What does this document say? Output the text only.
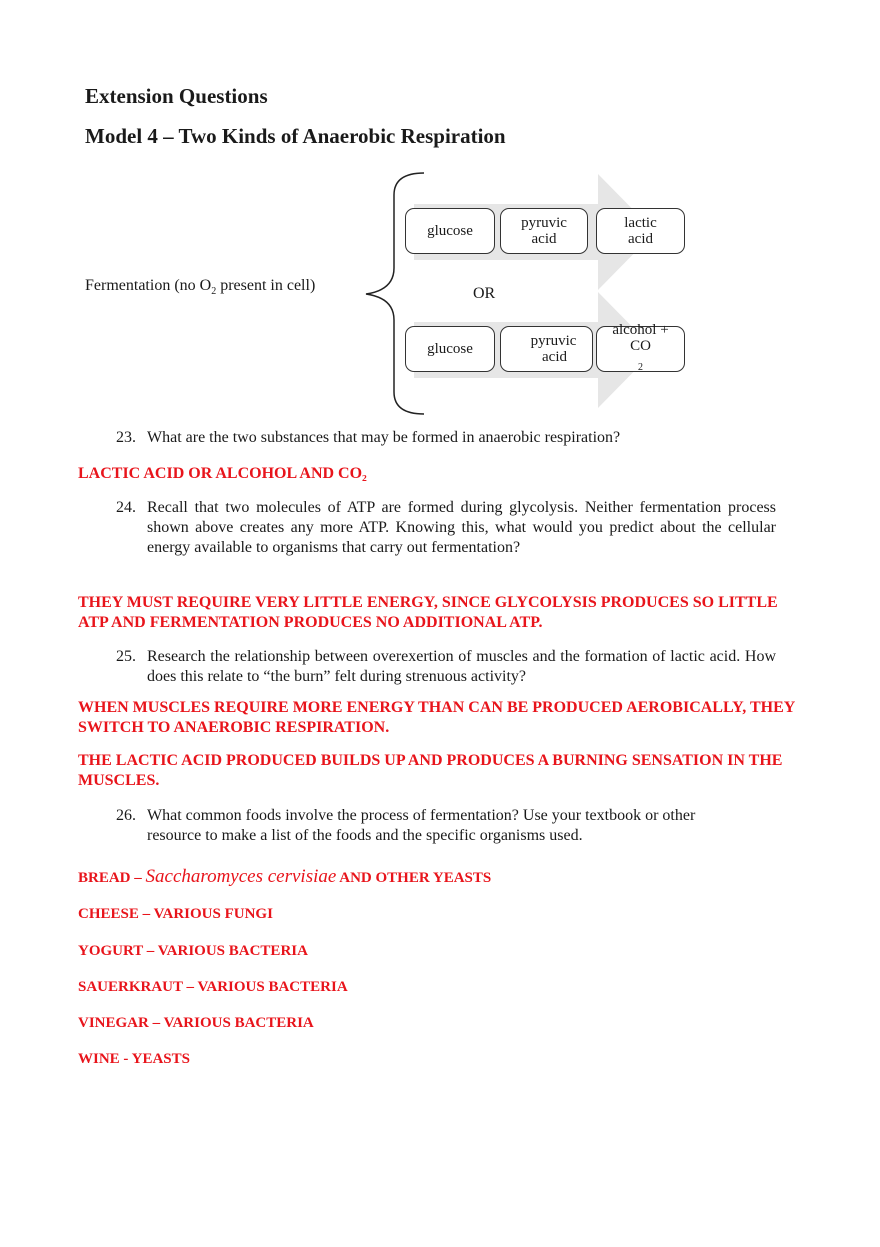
Extension Questions
Model 4 – Two Kinds of Anaerobic Respiration
Fermentation (no $O_2$ present in cell)	OR
glucose	pyruvic
acid
lactic
acid
glucose	pyruvic
acid
alcohol +
CO
$_2$
23. What are the two substances that may be formed in anaerobic respiration?
LACTIC ACID OR ALCOHOL AND CO₂
24. Recall that two molecules of ATP are formed during glycolysis. Neither fermentation process shown above creates any more ATP. Knowing this, what would you predict about the cellular energy available to organisms that carry out fermentation?
THEY MUST REQUIRE VERY LITTLE ENERGY, SINCE GLYCOLYSIS PRODUCES SO LITTLE ATP AND FERMENTATION PRODUCES NO ADDITIONAL ATP.
25. Research the relationship between overexertion of muscles and the formation of lactic acid. How does this relate to “the burn” felt during strenuous activity?
WHEN MUSCLES REQUIRE MORE ENERGY THAN CAN BE PRODUCED AEROBICALLY, THEY SWITCH TO ANAEROBIC RESPIRATION.
THE LACTIC ACID PRODUCED BUILDS UP AND PRODUCES A BURNING SENSATION IN THE MUSCLES.
26. What common foods involve the process of fermentation? Use your textbook or other resource to make a list of the foods and the specific organisms used.
BREAD – Saccharomyces cervisiae AND OTHER YEASTS
CHEESE – VARIOUS FUNGI
YOGURT – VARIOUS BACTERIA
SAUERKRAUT – VARIOUS BACTERIA
VINEGAR – VARIOUS BACTERIA
WINE - YEASTS
